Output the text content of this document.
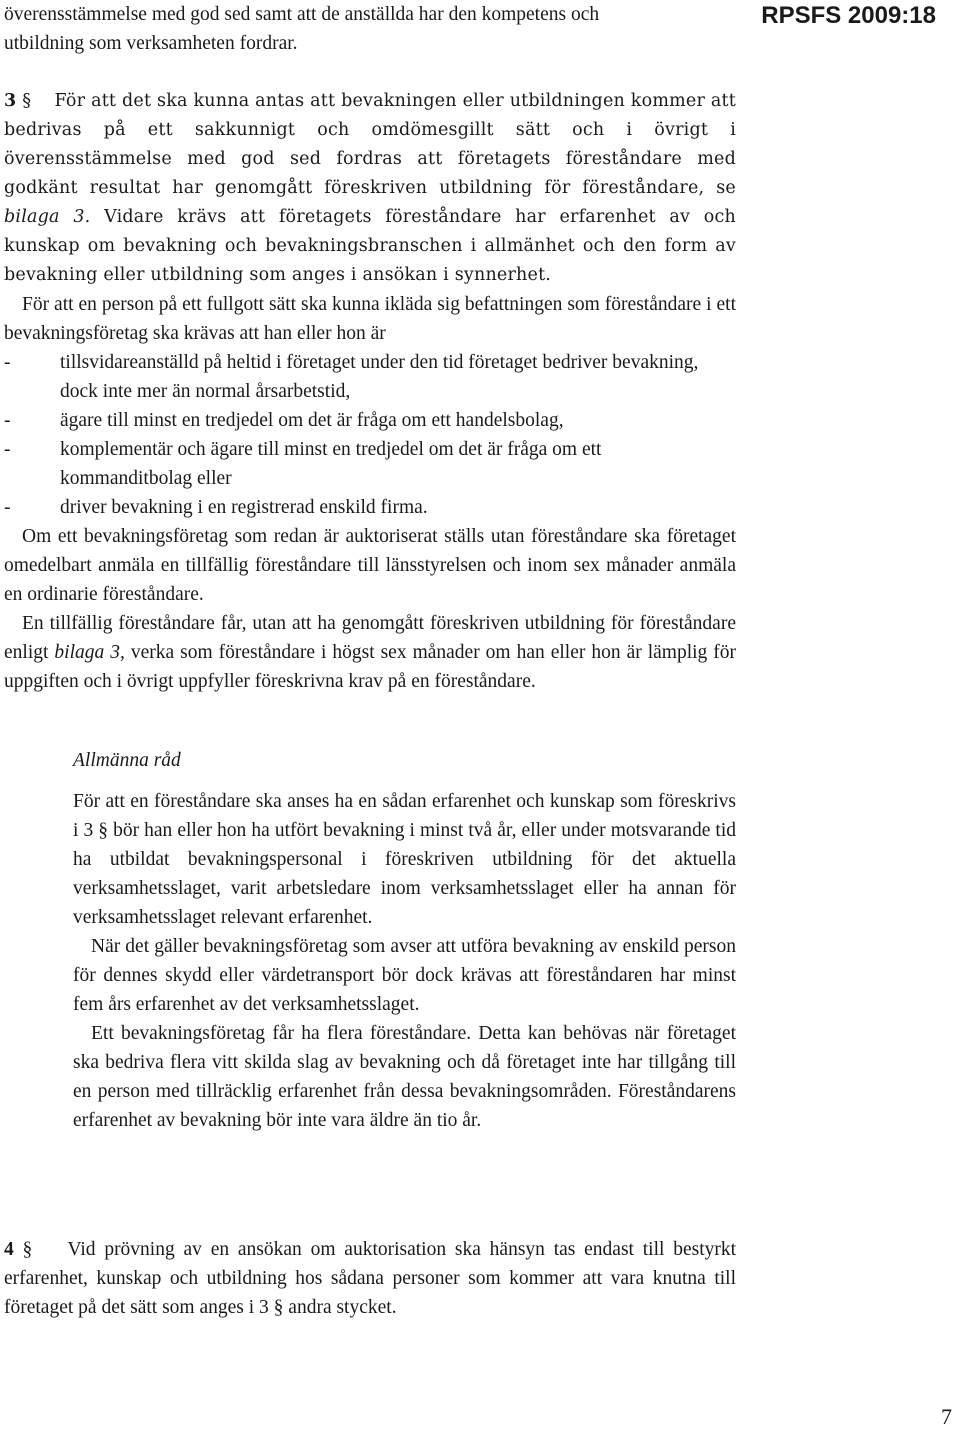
RPSFS 2009:18

överensstämmelse med god sed samt att de anställda har den kompetens och

utbildning som verksamheten fordrar.

3 § För att det ska kunna antas att bevakningen eller utbildningen kommer att bedrivas på ett sakkunnigt och omdömesgillt sätt och i övrigt i överensstämmelse med god sed fordras att företagets föreståndare med godkänt resultat har genomgått föreskriven utbildning för föreståndare, se bilaga 3. Vidare krävs att företagets föreståndare har erfarenhet av och kunskap om bevakning och bevakningsbranschen i allmänhet och den form av bevakning eller utbildning som anges i ansökan i synnerhet.

För att en person på ett fullgott sätt ska kunna ikläda sig befattningen som föreståndare i ett bevakningsföretag ska krävas att han eller hon är

-	tillsvidareanställd på heltid i företaget under den tid företaget bedriver bevakning, dock inte mer än normal årsarbetstid,
-	ägare till minst en tredjedel om det är fråga om ett handelsbolag,
-	komplementär och ägare till minst en tredjedel om det är fråga om ett kommanditbolag eller
-	driver bevakning i en registrerad enskild firma.

Om ett bevakningsföretag som redan är auktoriserat ställs utan föreståndare ska företaget omedelbart anmäla en tillfällig föreståndare till länsstyrelsen och inom sex månader anmäla en ordinarie föreståndare.

En tillfällig föreståndare får, utan att ha genomgått föreskriven utbildning för föreståndare enligt bilaga 3, verka som föreståndare i högst sex månader om han eller hon är lämplig för uppgiften och i övrigt uppfyller föreskrivna krav på en föreståndare.

Allmänna råd

För att en föreståndare ska anses ha en sådan erfarenhet och kunskap som föreskrivs i 3 § bör han eller hon ha utfört bevakning i minst två år, eller under motsvarande tid ha utbildat bevakningspersonal i föreskriven utbildning för det aktuella verksamhetsslaget, varit arbetsledare inom verksamhetsslaget eller ha annan för verksamhetsslaget relevant erfarenhet.

När det gäller bevakningsföretag som avser att utföra bevakning av enskild person för dennes skydd eller värdetransport bör dock krävas att föreståndaren har minst fem års erfarenhet av det verksamhetsslaget.

Ett bevakningsföretag får ha flera föreståndare. Detta kan behövas när företaget ska bedriva flera vitt skilda slag av bevakning och då företaget inte har tillgång till en person med tillräcklig erfarenhet från dessa bevakningsområden. Föreståndarens erfarenhet av bevakning bör inte vara äldre än tio år.

4 § Vid prövning av en ansökan om auktorisation ska hänsyn tas endast till bestyrkt erfarenhet, kunskap och utbildning hos sådana personer som kommer att vara knutna till företaget på det sätt som anges i 3 § andra stycket.

7
